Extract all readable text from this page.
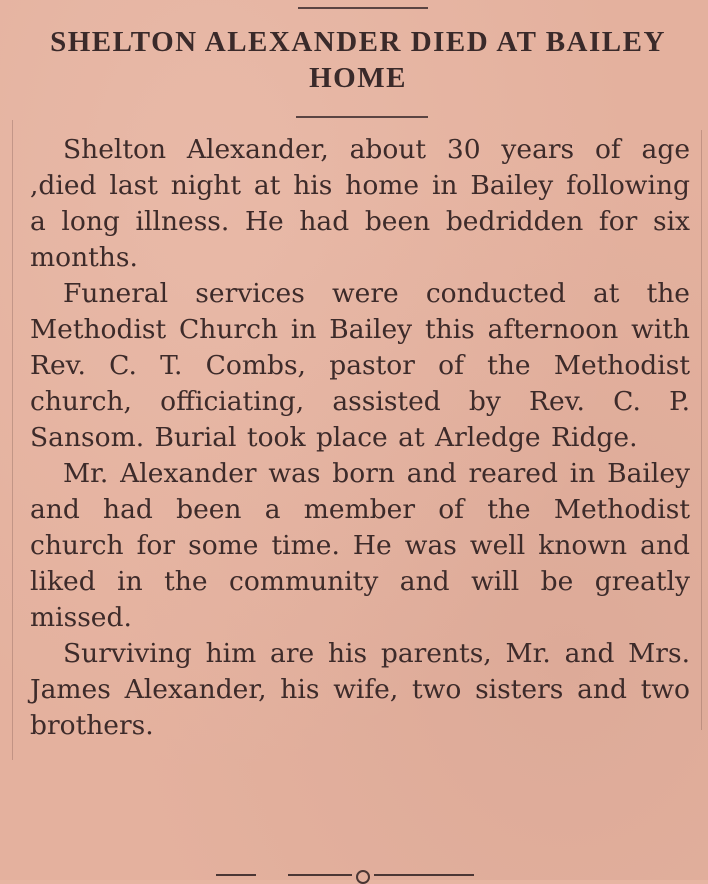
SHELTON ALEXANDER DIED AT BAILEY HOME

Shelton Alexander, about 30 years of age ,died last night at his home in Bailey following a long illness. He had been bedridden for six months.

Funeral services were conducted at the Methodist Church in Bailey this afternoon with Rev. C. T. Combs, pastor of the Methodist church, officiating, assisted by Rev. C. P. Sansom. Burial took place at Arledge Ridge.

Mr. Alexander was born and reared in Bailey and had been a member of the Methodist church for some time. He was well known and liked in the community and will be greatly missed.

Surviving him are his parents, Mr. and Mrs. James Alexander, his wife, two sisters and two brothers.
